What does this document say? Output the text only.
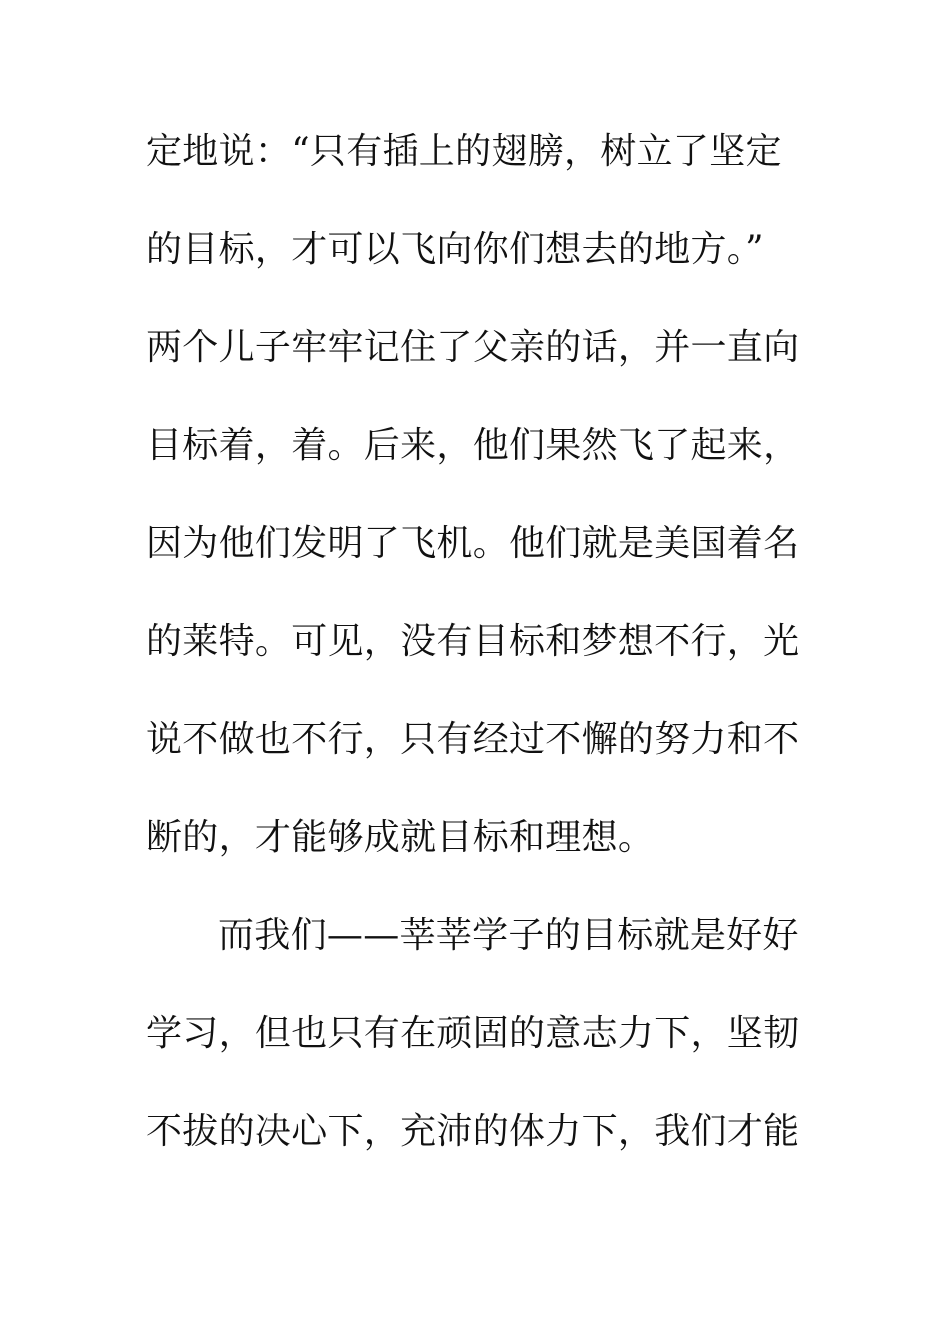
定地说：“只有插上的翅膀，树立了坚定
的目标，才可以飞向你们想去的地方。”
两个儿子牢牢记住了父亲的话，并一直向
目标着，着。后来，他们果然飞了起来，
因为他们发明了飞机。他们就是美国着名
的莱特。可见，没有目标和梦想不行，光
说不做也不行，只有经过不懈的努力和不
断的，才能够成就目标和理想。
而我们——莘莘学子的目标就是好好
学习，但也只有在顽固的意志力下，坚韧
不拔的决心下，充沛的体力下，我们才能
